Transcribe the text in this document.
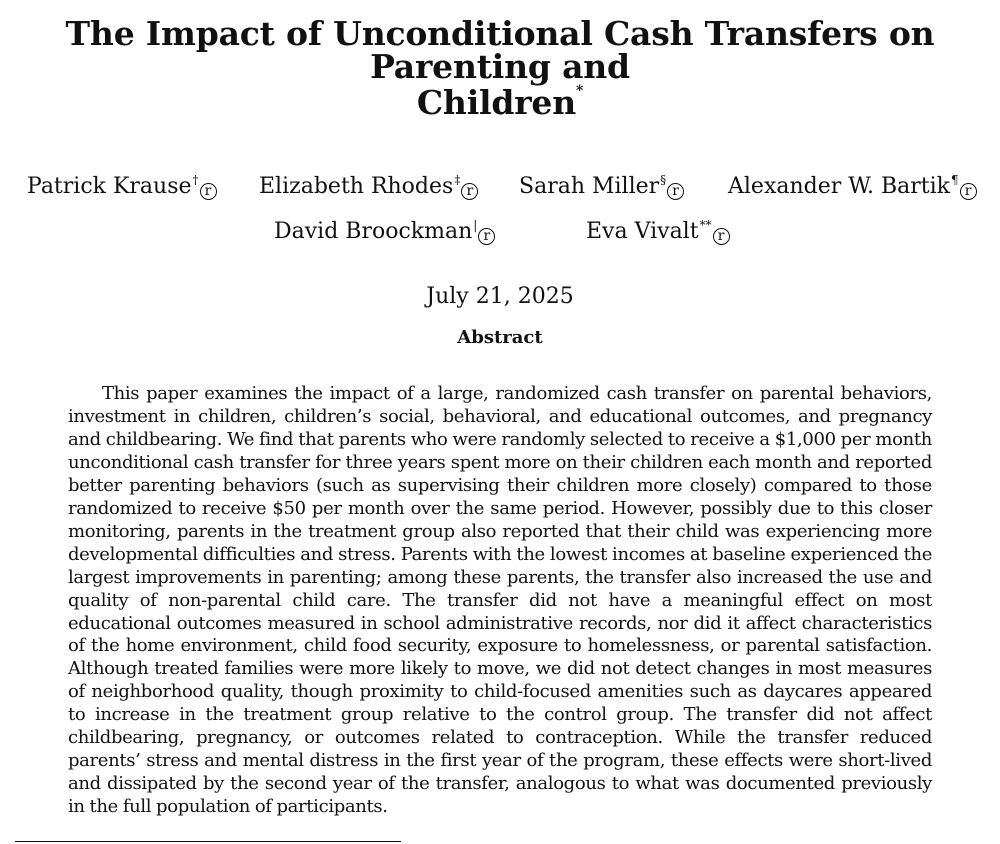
The Impact of Unconditional Cash Transfers on Parenting and
Children*
Patrick Krause†r Elizabeth Rhodes‡r Sarah Miller§r Alexander W. Bartik¶r
David Broockman|r	Eva Vivalt**r
July 21, 2025
Abstract

This paper examines the impact of a large, randomized cash transfer on parental behaviors, investment in children, children’s social, behavioral, and educational outcomes, and pregnancy and childbearing. We find that parents who were randomly selected to receive a $1,000 per month unconditional cash transfer for three years spent more on their children each month and reported better parenting behaviors (such as supervising their children more closely) compared to those randomized to receive $50 per month over the same period. However, possibly due to this closer monitoring, parents in the treatment group also reported that their child was experiencing more developmental difficulties and stress. Parents with the lowest incomes at baseline experienced the largest improvements in parenting; among these parents, the transfer also increased the use and quality of non-parental child care. The transfer did not have a meaningful effect on most educational outcomes measured in school administrative records, nor did it affect characteristics of the home environment, child food security, exposure to homelessness, or parental satisfaction. Although treated families were more likely to move, we did not detect changes in most measures of neighborhood quality, though proximity to child-focused amenities such as daycares appeared to increase in the treatment group relative to the control group. The transfer did not affect childbearing, pregnancy, or outcomes related to contraception. While the transfer reduced parents’ stress and mental distress in the first year of the program, these effects were short-lived and dissipated by the second year of the transfer, analogous to what was documented previously in the full population of participants.
